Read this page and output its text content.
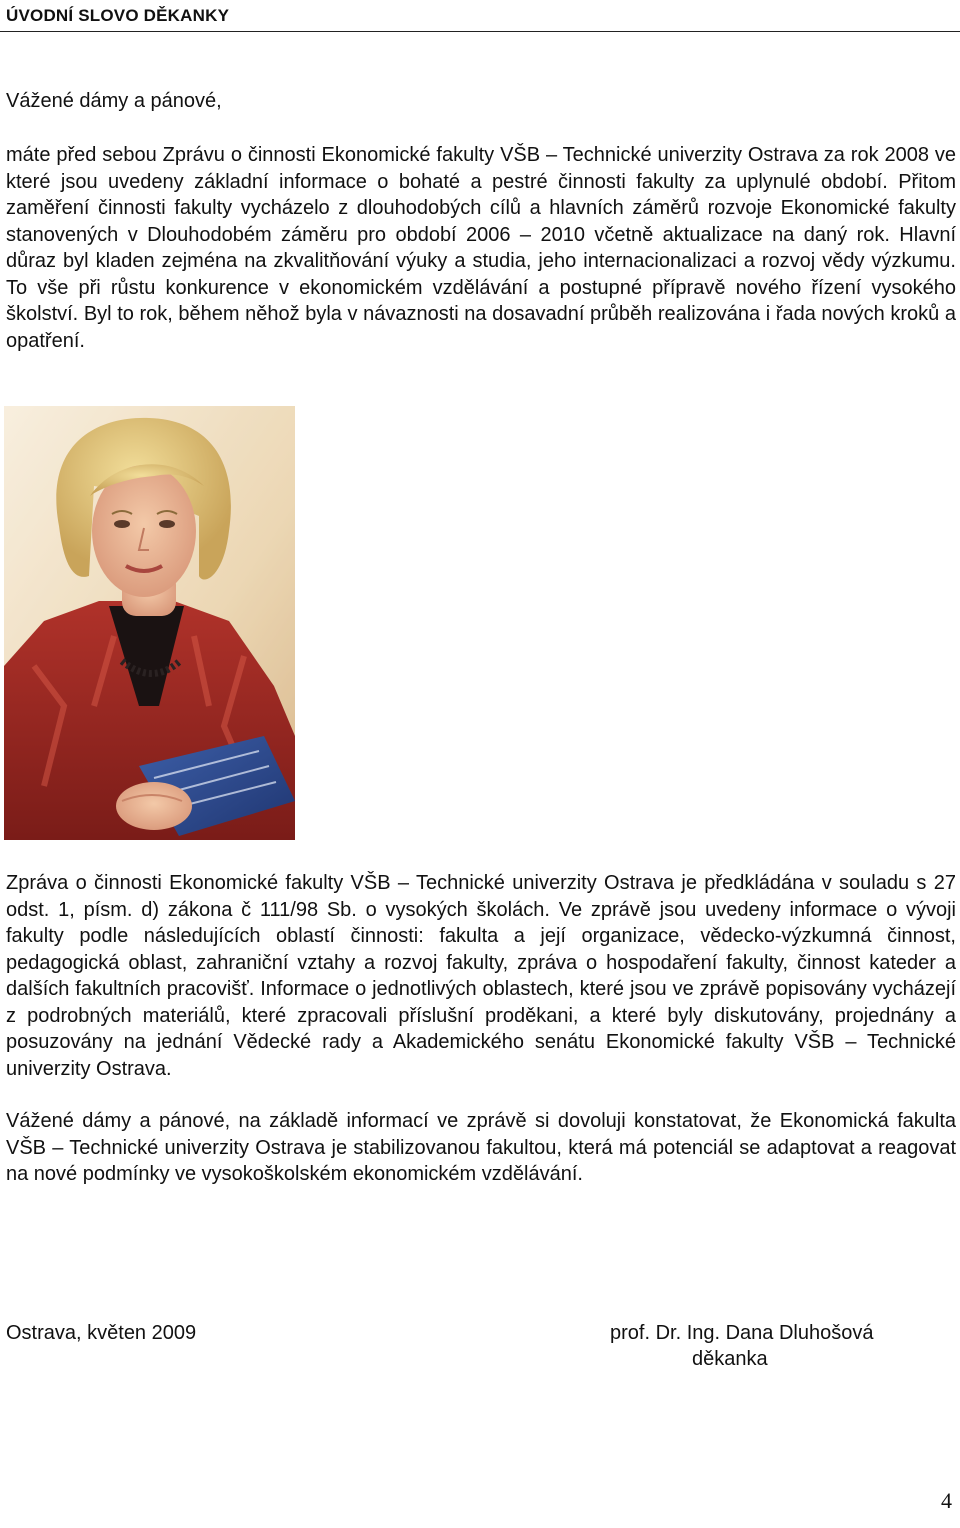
ÚVODNÍ SLOVO DĚKANKY
Vážené dámy a pánové,

máte před sebou Zprávu o činnosti Ekonomické fakulty VŠB – Technické univerzity Ostrava za rok 2008 ve které jsou uvedeny základní informace o bohaté a pestré činnosti fakulty za uplynulé období. Přitom zaměření činnosti fakulty vycházelo z dlouhodobých cílů a hlavních záměrů rozvoje Ekonomické fakulty stanovených v Dlouhodobém záměru pro období 2006 – 2010 včetně aktualizace na daný rok. Hlavní důraz byl kladen zejména na zkvalitňování výuky a studia, jeho internacionalizaci a rozvoj vědy výzkumu. To vše při růstu konkurence v ekonomickém vzdělávání a postupné přípravě nového řízení vysokého školství. Byl to rok, během něhož byla v návaznosti na dosavadní průběh realizována i řada nových kroků a opatření.

Zpráva o činnosti Ekonomické fakulty VŠB – Technické univerzity Ostrava je předkládána v souladu s 27 odst. 1, písm. d) zákona č 111/98 Sb. o vysokých školách. Ve zprávě jsou uvedeny informace o vývoji fakulty podle následujících oblastí činnosti: fakulta a její organizace, vědecko-výzkumná činnost, pedagogická oblast, zahraniční vztahy a rozvoj fakulty, zpráva o hospodaření fakulty, činnost kateder a dalších fakultních pracovišť. Informace o jednotlivých oblastech, které jsou ve zprávě popisovány vycházejí z podrobných materiálů, které zpracovali příslušní proděkani, a které byly diskutovány, projednány a posuzovány na jednání Vědecké rady a Akademického senátu Ekonomické fakulty VŠB – Technické univerzity Ostrava.

Vážené dámy a pánové, na základě informací ve zprávě si dovoluji konstatovat, že Ekonomická fakulta VŠB – Technické univerzity Ostrava je stabilizovanou fakultou, která má potenciál se adaptovat a reagovat na nové podmínky ve vysokoškolském ekonomickém vzdělávání.

Ostrava, květen 2009	prof. Dr. Ing. Dana Dluhošová
děkanka
4
